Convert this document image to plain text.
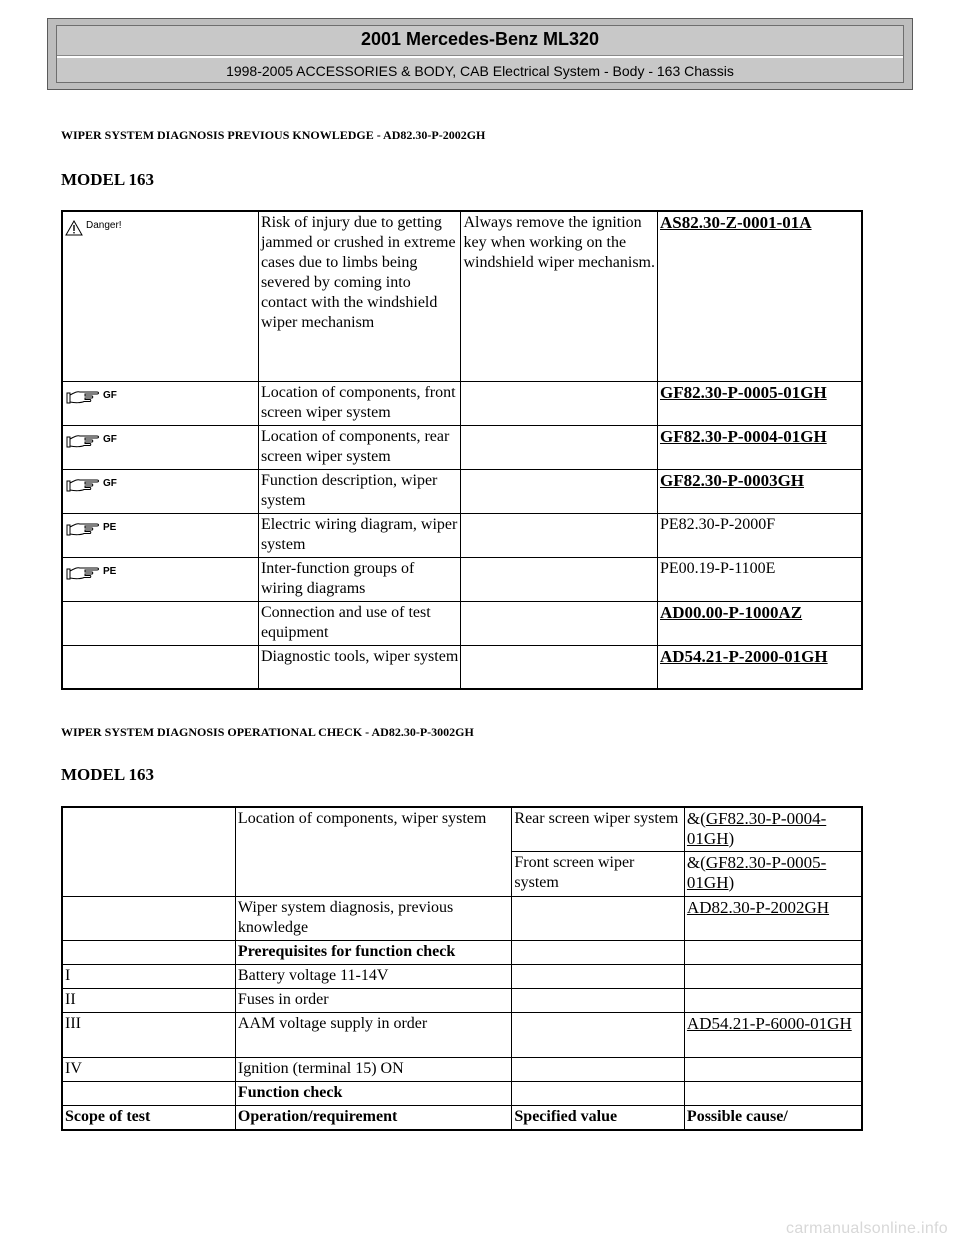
2001 Mercedes-Benz ML320
1998-2005 ACCESSORIES & BODY, CAB Electrical System - Body - 163 Chassis
WIPER SYSTEM DIAGNOSIS PREVIOUS KNOWLEDGE - AD82.30-P-2002GH
MODEL 163
Danger!	Risk of injury due to getting jammed or crushed in extreme cases due to limbs being severed by coming into contact with the windshield wiper mechanism	Always remove the ignition key when working on the windshield wiper mechanism.	AS82.30-Z-0001-01A

GF	Location of components, front screen wiper system		GF82.30-P-0005-01GH

GF	Location of components, rear screen wiper system		GF82.30-P-0004-01GH

GF	Function description, wiper system		GF82.30-P-0003GH

PE	Electric wiring diagram, wiper system		PE82.30-P-2000F

PE	Inter-function groups of wiring diagrams		PE00.19-P-1100E
	Connection and use of test equipment		AD00.00-P-1000AZ
	Diagnostic tools, wiper system		AD54.21-P-2000-01GH
WIPER SYSTEM DIAGNOSIS OPERATIONAL CHECK - AD82.30-P-3002GH
MODEL 163
	Location of components, wiper system	Rear screen wiper system	&(GF82.30-P-0004-01GH)
		Front screen wiper system	&(GF82.30-P-0005-01GH)
	Wiper system diagnosis, previous knowledge		AD82.30-P-2002GH
	Prerequisites for function check		
I	Battery voltage 11-14V		
II	Fuses in order		
III	AAM voltage supply in order		AD54.21-P-6000-01GH
IV	Ignition (terminal 15) ON		
	Function check		
Scope of test	Operation/requirement	Specified value	Possible cause/
carmanualsonline.info
